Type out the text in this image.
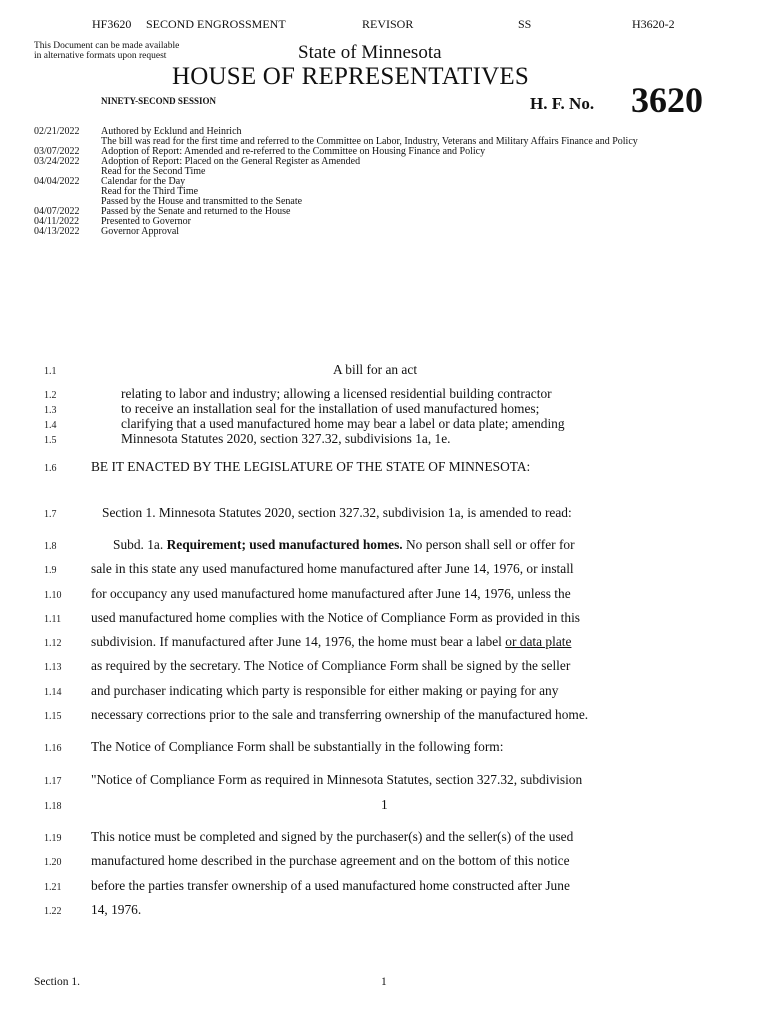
HF3620 SECOND ENGROSSMENT	REVISOR	SS	H3620-2
This Document can be made available
in alternative formats upon request	State of Minnesota
HOUSE OF REPRESENTATIVES
NINETY-SECOND SESSION	H. F. No. 3620
02/21/2022 Authored by Ecklund and Heinrich
The bill was read for the first time and referred to the Committee on Labor, Industry, Veterans and Military Affairs Finance and Policy
03/07/2022 Adoption of Report: Amended and re-referred to the Committee on Housing Finance and Policy
03/24/2022 Adoption of Report: Placed on the General Register as Amended
Read for the Second Time
04/04/2022 Calendar for the Day
Read for the Third Time
Passed by the House and transmitted to the Senate
04/07/2022 Passed by the Senate and returned to the House
04/11/2022 Presented to Governor
04/13/2022 Governor Approval
1.1
1.2
1.3
1.4
1.5
1.6
1.7
1.8
1.9
1.10
1.11
1.12
1.13
1.14
1.15
1.16
1.17
1.18
1.19
1.20
1.21
1.22
A bill for an act
relating to labor and industry; allowing a licensed residential building contractor
to receive an installation seal for the installation of used manufactured homes;
clarifying that a used manufactured home may bear a label or data plate; amending
Minnesota Statutes 2020, section 327.32, subdivisions 1a, 1e.
BE IT ENACTED BY THE LEGISLATURE OF THE STATE OF MINNESOTA:
Section 1. Minnesota Statutes 2020, section 327.32, subdivision 1a, is amended to read:
Subd. 1a. Requirement; used manufactured homes. No person shall sell or offer for
sale in this state any used manufactured home manufactured after June 14, 1976, or install
for occupancy any used manufactured home manufactured after June 14, 1976, unless the
used manufactured home complies with the Notice of Compliance Form as provided in this
subdivision. If manufactured after June 14, 1976, the home must bear a label or data plate
as required by the secretary. The Notice of Compliance Form shall be signed by the seller
and purchaser indicating which party is responsible for either making or paying for any
necessary corrections prior to the sale and transferring ownership of the manufactured home.
The Notice of Compliance Form shall be substantially in the following form:
"Notice of Compliance Form as required in Minnesota Statutes, section 327.32, subdivision
1
This notice must be completed and signed by the purchaser(s) and the seller(s) of the used
manufactured home described in the purchase agreement and on the bottom of this notice
before the parties transfer ownership of a used manufactured home constructed after June
14, 1976.
Section 1.	1
